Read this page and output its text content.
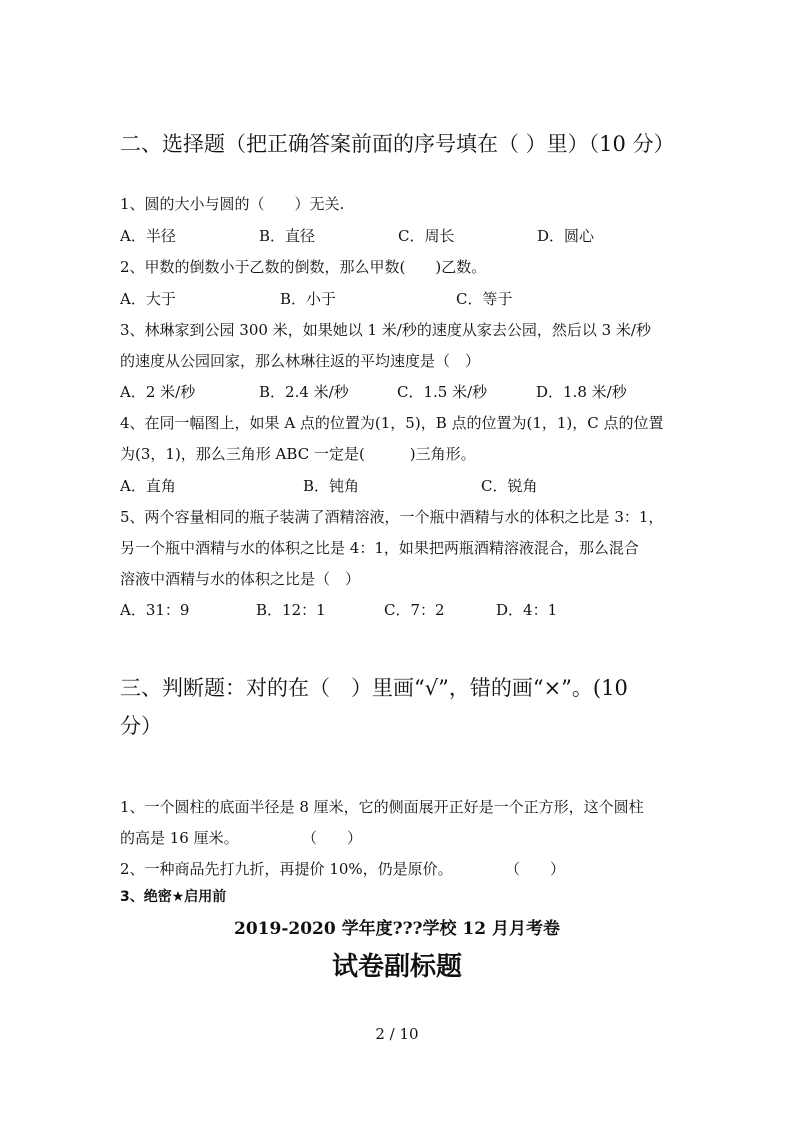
二、选择题（把正确答案前面的序号填在（ ）里）（10 分）
1、圆的大小与圆的（　　）无关.
A．半径	B．直径	C．周长	D．圆心
2、甲数的倒数小于乙数的倒数，那么甲数(　　)乙数。
A．大于	B．小于	C．等于
3、林琳家到公园 300 米，如果她以 1 米/秒的速度从家去公园，然后以 3 米/秒
的速度从公园回家，那么林琳往返的平均速度是（　）
A．2 米/秒	B．2.4 米/秒	C．1.5 米/秒	D．1.8 米/秒
4、在同一幅图上，如果 A 点的位置为(1，5)，B 点的位置为(1，1)，C 点的位置
为(3，1)，那么三角形 ABC 一定是(　　　)三角形。
A．直角	B．钝角	C．锐角
5、两个容量相同的瓶子装满了酒精溶液，一个瓶中酒精与水的体积之比是 3：1，
另一个瓶中酒精与水的体积之比是 4：1，如果把两瓶酒精溶液混合，那么混合
溶液中酒精与水的体积之比是（　）
A．31：9	B．12：1	C．7：2	D．4：1
三、判断题：对的在（　）里画“√”，错的画“×”。(10
分）
1、一个圆柱的底面半径是 8 厘米，它的侧面展开正好是一个正方形，这个圆柱
的高是 16 厘米。	（　　）
2、一种商品先打九折，再提价 10%，仍是原价。	（　　）
3、绝密★启用前
2019-2020 学年度???学校 12 月月考卷
试卷副标题
2 / 10
